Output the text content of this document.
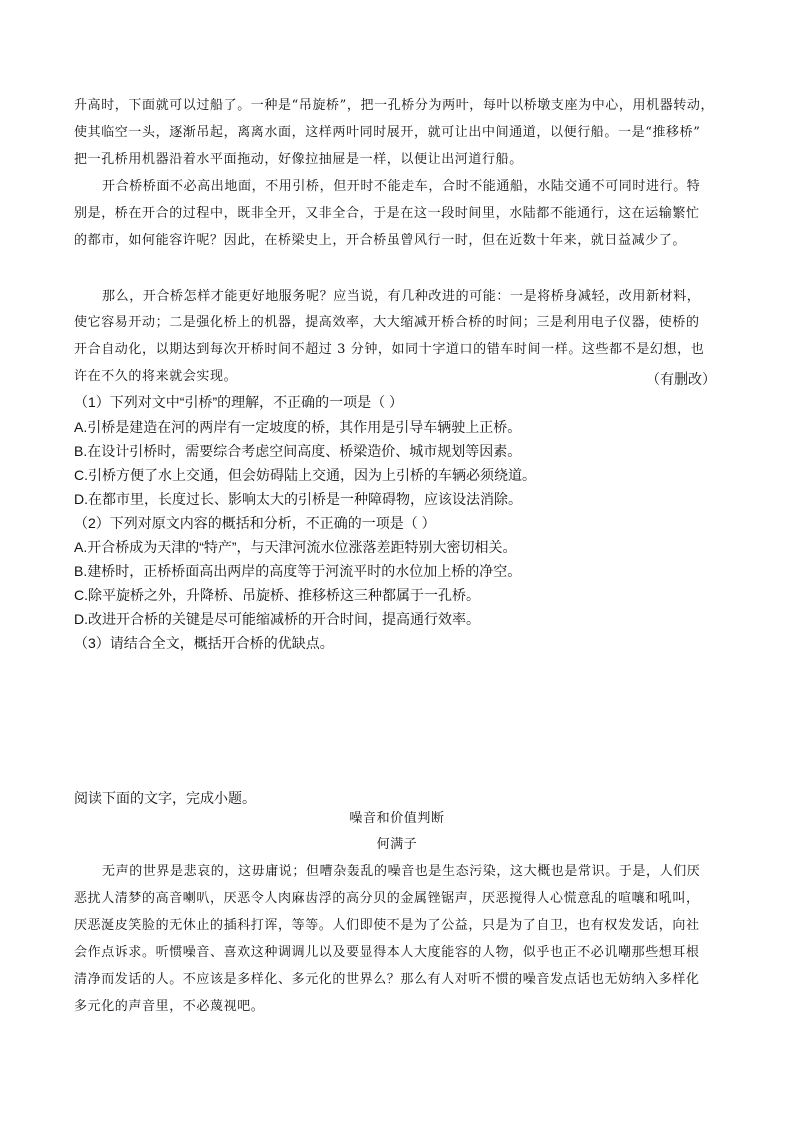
升高时，下面就可以过船了。一种是“吊旋桥”，把一孔桥分为两叶，每叶以桥墩支座为中心，用机器转动，
使其临空一头，逐渐吊起，离离水面，这样两叶同时展开，就可让出中间通道，以便行船。一是“推移桥”
把一孔桥用机器沿着水平面拖动，好像拉抽屉是一样，以便让出河道行船。
开合桥桥面不必高出地面，不用引桥，但开时不能走车，合时不能通船，水陆交通不可同时进行。特
别是，桥在开合的过程中，既非全开，又非全合，于是在这一段时间里，水陆都不能通行，这在运输繁忙
的都市，如何能容许呢？因此，在桥梁史上，开合桥虽曾风行一时，但在近数十年来，就日益减少了。
那么，开合桥怎样才能更好地服务呢？应当说，有几种改进的可能：一是将桥身减轻，改用新材料，
使它容易开动；二是强化桥上的机器，提高效率，大大缩减开桥合桥的时间；三是利用电子仪器，使桥的
开合自动化，以期达到每次开桥时间不超过 3 分钟，如同十字道口的错车时间一样。这些都不是幻想，也
许在不久的将来就会实现。	（有删改）
（1）下列对文中“引桥”的理解，不正确的一项是（ ）
A.引桥是建造在河的两岸有一定坡度的桥，其作用是引导车辆驶上正桥。
B.在设计引桥时，需要综合考虑空间高度、桥梁造价、城市规划等因素。
C.引桥方便了水上交通，但会妨碍陆上交通，因为上引桥的车辆必须绕道。
D.在都市里，长度过长、影响太大的引桥是一种障碍物，应该设法消除。
（2）下列对原文内容的概括和分析，不正确的一项是（ ）
A.开合桥成为天津的“特产”，与天津河流水位涨落差距特别大密切相关。
B.建桥时，正桥桥面高出两岸的高度等于河流平时的水位加上桥的净空。
C.除平旋桥之外，升降桥、吊旋桥、推移桥这三种都属于一孔桥。
D.改进开合桥的关键是尽可能缩减桥的开合时间，提高通行效率。
（3）请结合全文，概括开合桥的优缺点。
阅读下面的文字，完成小题。
噪音和价值判断
何满子
无声的世界是悲哀的，这毋庸说；但嘈杂轰乱的噪音也是生态污染，这大概也是常识。于是，人们厌
恶扰人清梦的高音喇叭，厌恶令人肉麻齿浮的高分贝的金属锉锯声，厌恶搅得人心慌意乱的喧嚷和吼叫，
厌恶涎皮笑脸的无休止的插科打诨，等等。人们即使不是为了公益，只是为了自卫，也有权发发话，向社
会作点诉求。听惯噪音、喜欢这种调调儿以及要显得本人大度能容的人物，似乎也正不必讥嘲那些想耳根
清净而发话的人。不应该是多样化、多元化的世界么？那么有人对听不惯的噪音发点话也无妨纳入多样化
多元化的声音里，不必蔑视吧。
